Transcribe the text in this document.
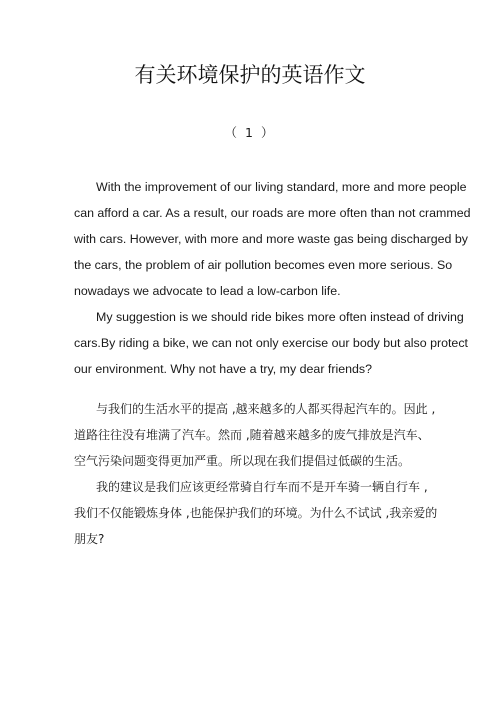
有关环境保护的英语作文
（ 1 ）
With the improvement of our living standard, more and more people
can afford a car. As a result, our roads are more often than not crammed
with cars. However, with more and more waste gas being discharged by
the cars, the problem of air pollution becomes even more serious. So
nowadays we advocate to lead a low-carbon life.
My suggestion is we should ride bikes more often instead of driving
cars.By riding a bike, we can not only exercise our body but also protect
our environment. Why not have a try, my dear friends?
与我们的生活水平的提高 ,越来越多的人都买得起汽车的。因此 ,
道路往往没有堆满了汽车。然而 ,随着越来越多的废气排放是汽车、
空气污染问题变得更加严重。所以现在我们提倡过低碳的生活。
我的建议是我们应该更经常骑自行车而不是开车骑一辆自行车 ,
我们不仅能锻炼身体 ,也能保护我们的环境。为什么不试试 ,我亲爱的
朋友?
